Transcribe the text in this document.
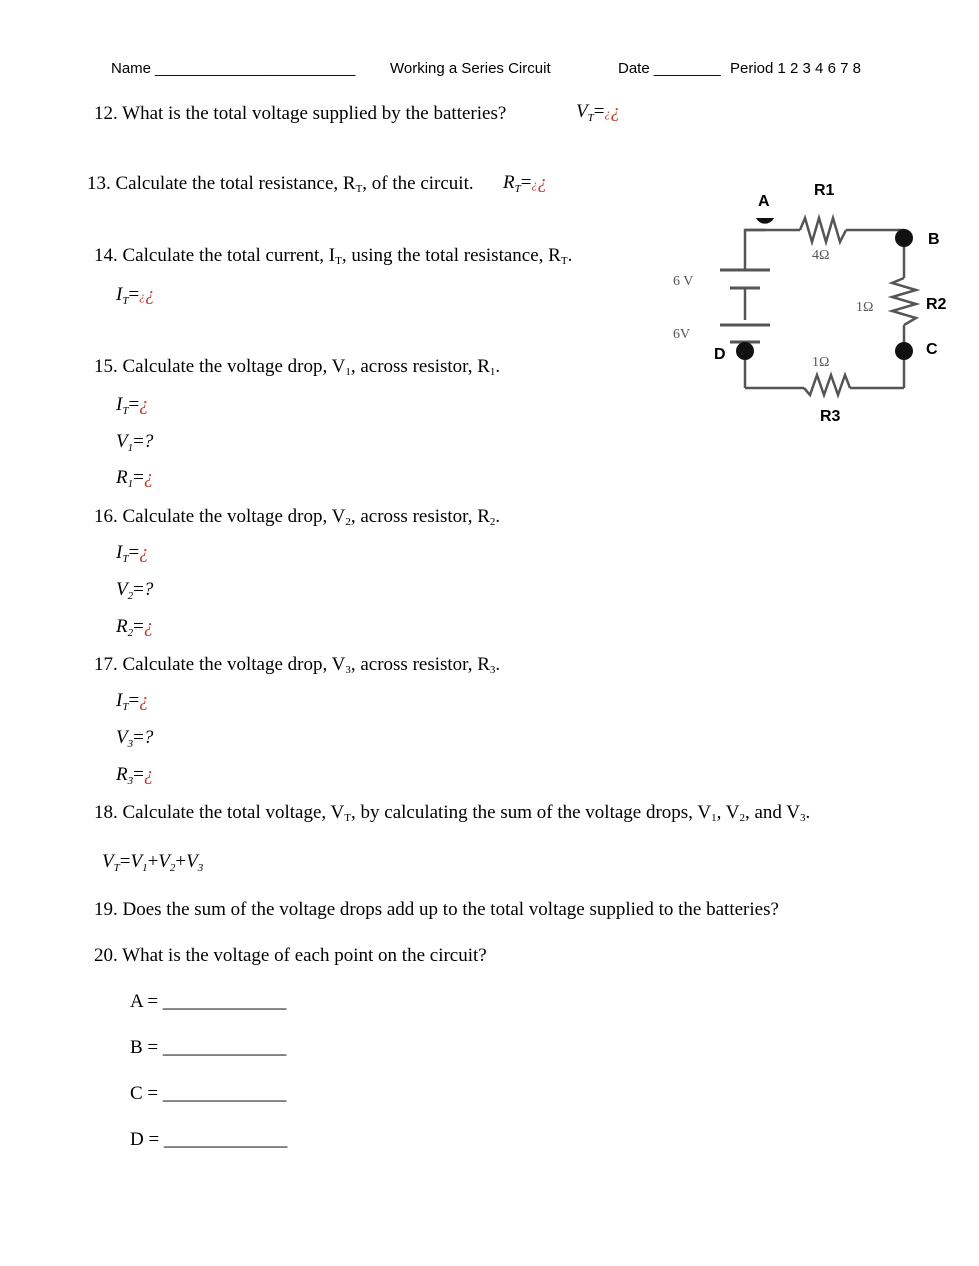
Name ________________________ Working a Series Circuit	Date ________ Period 1 2 3 4 6 7 8
12. What is the total voltage supplied by the batteries?	$V_T=¿¿$
13. Calculate the total resistance, $R_T$, of the circuit. $R_T=¿¿$
14. Calculate the total current, $I_T$, using the total resistance, $R_T$.
$I_T=¿¿$
15. Calculate the voltage drop, $V_1$, across resistor, $R_1$.
$I_T=¿$
$V_1=$?
$R_1=¿$
16. Calculate the voltage drop, $V_2$, across resistor, $R_2$.
$I_T=¿$
$V_2=$?
$R_2=¿$
17. Calculate the voltage drop, $V_3$, across resistor, $R_3$.
$I_T=¿$
$V_3=$?
$R_3=¿$
18. Calculate the total voltage, $V_T$, by calculating the sum of the voltage drops, $V_1$, $V_2$, and $V_3$.
$V_T=V_1+V_2+V_3$
19. Does the sum of the voltage drops add up to the total voltage supplied to the batteries?
20. What is the voltage of each point on the circuit?
A = _____________
B = _____________
C = _____________
D = _____________
A
R1
B
R2
C
D
R3
4Ω
1Ω
1Ω
6 V
6V
